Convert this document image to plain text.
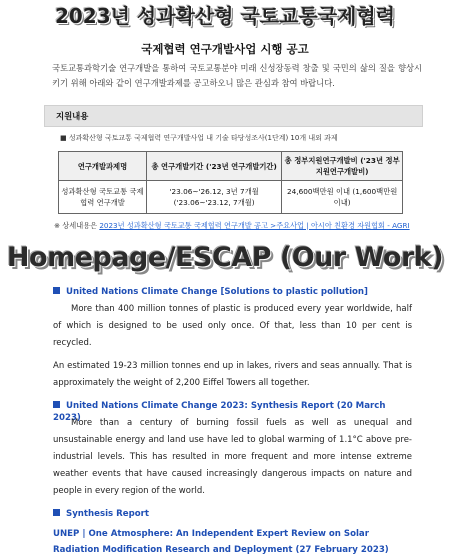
2023년 성과확산형 국토교통국제협력
국제협력 연구개발사업 시행 공고
국토교통과학기술 연구개발을 통하여 국토교통분야 미래 신성장동력 창출 및 국민의 삶의 질을 향상시키기 위해 아래와 같이 연구개발과제를 공고하오니 많은 관심과 참여 바랍니다.
지원내용
■ 성과확산형 국토교통 국제협력 연구개발사업 내 기술 타당성조사(1단계) 10개 내외 과제
연구개발과제명	총 연구개발기간 ('23년 연구개발기간)	총 정부지원연구개발비 ('23년 정부지원연구개발비)
성과확산형 국토교통 국제협력 연구개발	'23.06~'26.12, 3년 7개월 ('23.06~'23.12, 7개월)	24,600백만원 이내 (1,600백만원 이내)
※ 상세내용은 2023년 성과확산형 국토교통 국제협력 연구개발 공고 >주요사업 | 아시아 친환경 자원협회 - AGRI
Homepage/ESCAP (Our Work)
United Nations Climate Change [Solutions to plastic pollution]
More than 400 million tonnes of plastic is produced every year worldwide, half of which is designed to be used only once. Of that, less than 10 per cent is recycled.
An estimated 19-23 million tonnes end up in lakes, rivers and seas annually. That is approximately the weight of 2,200 Eiffel Towers all together.
United Nations Climate Change 2023: Synthesis Report (20 March 2023)
More than a century of burning fossil fuels as well as unequal and unsustainable energy and land use have led to global warming of 1.1°C above pre-industrial levels. This has resulted in more frequent and more intense extreme weather events that have caused increasingly dangerous impacts on nature and people in every region of the world.
Synthesis Report
UNEP | One Atmosphere: An Independent Expert Review on Solar Radiation Modification Research and Deployment (27 February 2023)
